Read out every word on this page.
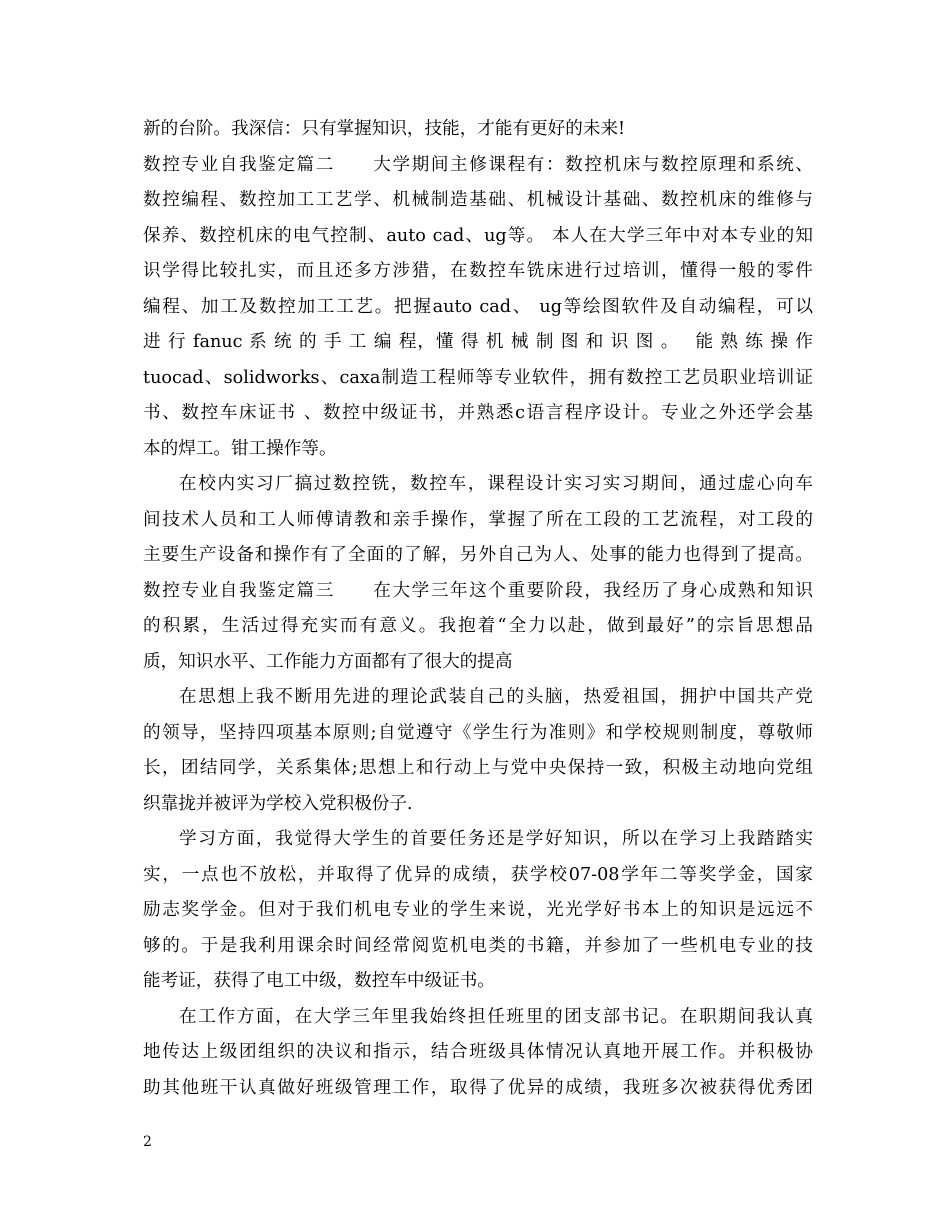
新的台阶。我深信：只有掌握知识，技能，才能有更好的未来!
数控专业自我鉴定篇二　　大学期间主修课程有：数控机床与数控原理和系统、
数控编程、数控加工工艺学、机械制造基础、机械设计基础、数控机床的维修与
保养、数控机床的电气控制、auto cad、ug等。 本人在大学三年中对本专业的知
识学得比较扎实，而且还多方涉猎，在数控车铣床进行过培训，懂得一般的零件
编程、加工及数控加工工艺。把握auto cad、 ug等绘图软件及自动编程，可以
进 行 fanuc 系 统 的 手 工 编 程，懂 得 机 械 制 图 和 识 图 。　 能 熟 练 操 作
tuocad、solidworks、caxa制造工程师等专业软件，拥有数控工艺员职业培训证
书、数控车床证书 、数控中级证书，并熟悉c语言程序设计。专业之外还学会基
本的焊工。钳工操作等。
在校内实习厂搞过数控铣，数控车，课程设计实习实习期间，通过虚心向车
间技术人员和工人师傅请教和亲手操作，掌握了所在工段的工艺流程，对工段的
主要生产设备和操作有了全面的了解，另外自己为人、处事的能力也得到了提高。
数控专业自我鉴定篇三　　在大学三年这个重要阶段，我经历了身心成熟和知识
的积累，生活过得充实而有意义。我抱着“全力以赴，做到最好”的宗旨思想品
质，知识水平、工作能力方面都有了很大的提高
在思想上我不断用先进的理论武装自己的头脑，热爱祖国，拥护中国共产党
的领导，坚持四项基本原则;自觉遵守《学生行为准则》和学校规则制度，尊敬师
长，团结同学，关系集体;思想上和行动上与党中央保持一致，积极主动地向党组
织靠拢并被评为学校入党积极份子.
学习方面，我觉得大学生的首要任务还是学好知识，所以在学习上我踏踏实
实，一点也不放松，并取得了优异的成绩，获学校07-08学年二等奖学金，国家
励志奖学金。但对于我们机电专业的学生来说，光光学好书本上的知识是远远不
够的。于是我利用课余时间经常阅览机电类的书籍，并参加了一些机电专业的技
能考证，获得了电工中级，数控车中级证书。
在工作方面，在大学三年里我始终担任班里的团支部书记。在职期间我认真
地传达上级团组织的决议和指示，结合班级具体情况认真地开展工作。并积极协
助其他班干认真做好班级管理工作，取得了优异的成绩，我班多次被获得优秀团
2
